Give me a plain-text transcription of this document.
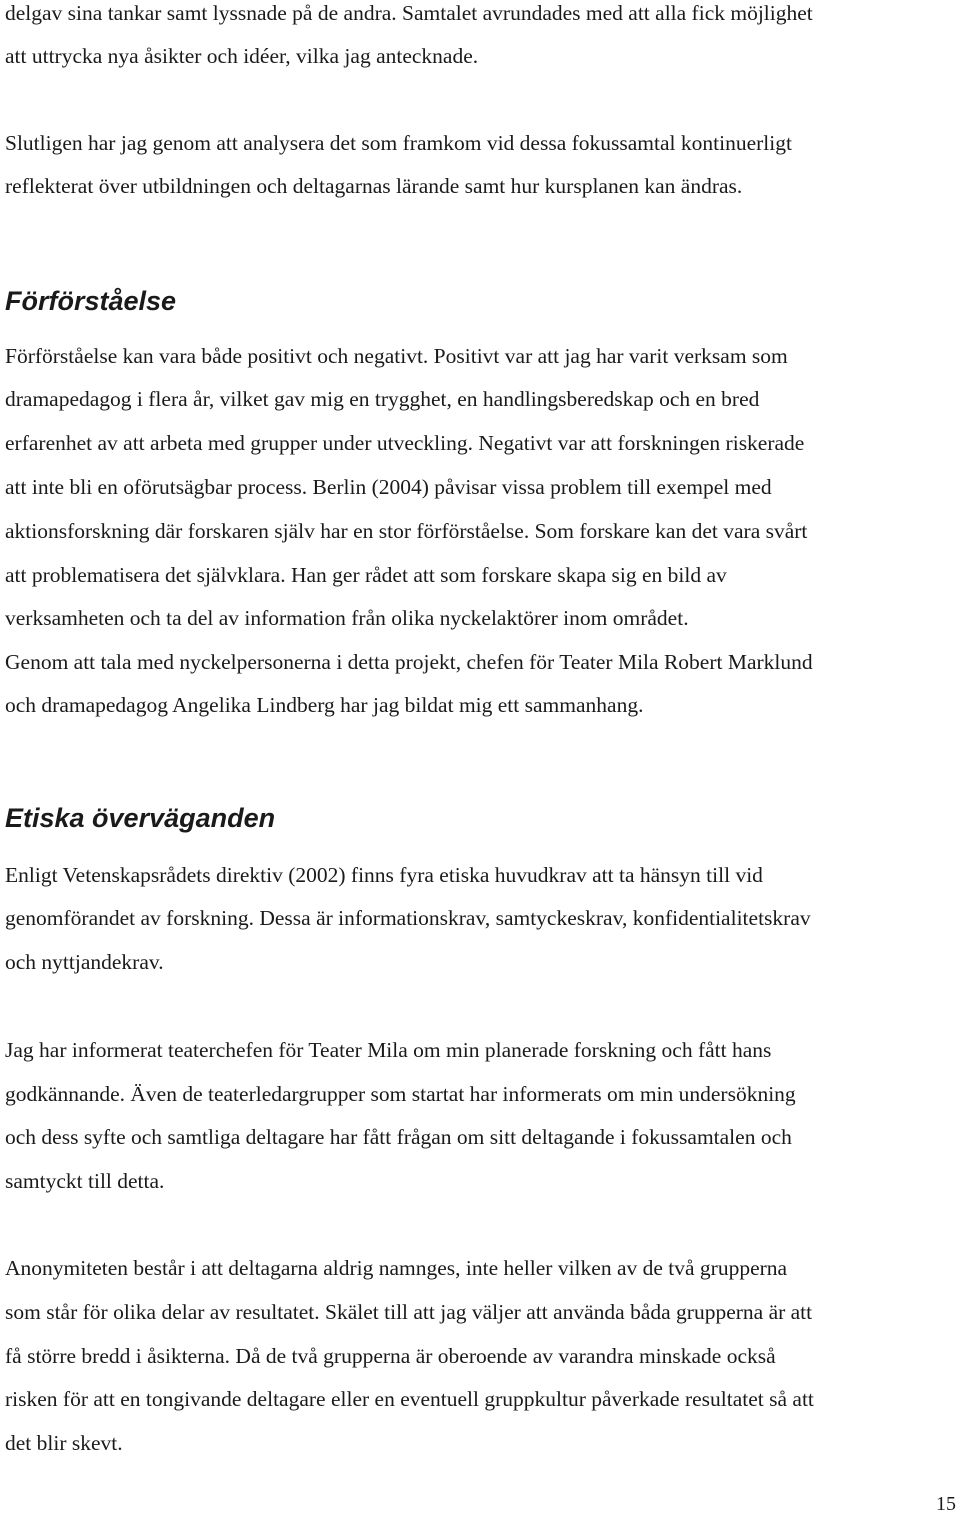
delgav sina tankar samt lyssnade på de andra. Samtalet avrundades med att alla fick möjlighet

att uttrycka nya åsikter och idéer, vilka jag antecknade.

Slutligen har jag genom att analysera det som framkom vid dessa fokussamtal kontinuerligt

reflekterat över utbildningen och deltagarnas lärande samt hur kursplanen kan ändras.

Förförståelse

Förförståelse kan vara både positivt och negativt. Positivt var att jag har varit verksam som

dramapedagog i flera år, vilket gav mig en trygghet, en handlingsberedskap och en bred

erfarenhet av att arbeta med grupper under utveckling. Negativt var att forskningen riskerade

att inte bli en oförutsägbar process. Berlin (2004) påvisar vissa problem till exempel med

aktionsforskning där forskaren själv har en stor förförståelse. Som forskare kan det vara svårt

att problematisera det självklara. Han ger rådet att som forskare skapa sig en bild av

verksamheten och ta del av information från olika nyckelaktörer inom området.

Genom att tala med nyckelpersonerna i detta projekt, chefen för Teater Mila Robert Marklund

och dramapedagog Angelika Lindberg har jag bildat mig ett sammanhang.

Etiska överväganden

Enligt Vetenskapsrådets direktiv (2002) finns fyra etiska huvudkrav att ta hänsyn till vid

genomförandet av forskning. Dessa är informationskrav, samtyckeskrav, konfidentialitetskrav

och nyttjandekrav.

Jag har informerat teaterchefen för Teater Mila om min planerade forskning och fått hans

godkännande. Även de teaterledargrupper som startat har informerats om min undersökning

och dess syfte och samtliga deltagare har fått frågan om sitt deltagande i fokussamtalen och

samtyckt till detta.

Anonymiteten består i att deltagarna aldrig namnges, inte heller vilken av de två grupperna

som står för olika delar av resultatet. Skälet till att jag väljer att använda båda grupperna är att

få större bredd i åsikterna. Då de två grupperna är oberoende av varandra minskade också

risken för att en tongivande deltagare eller en eventuell gruppkultur påverkade resultatet så att

det blir skevt.

15
